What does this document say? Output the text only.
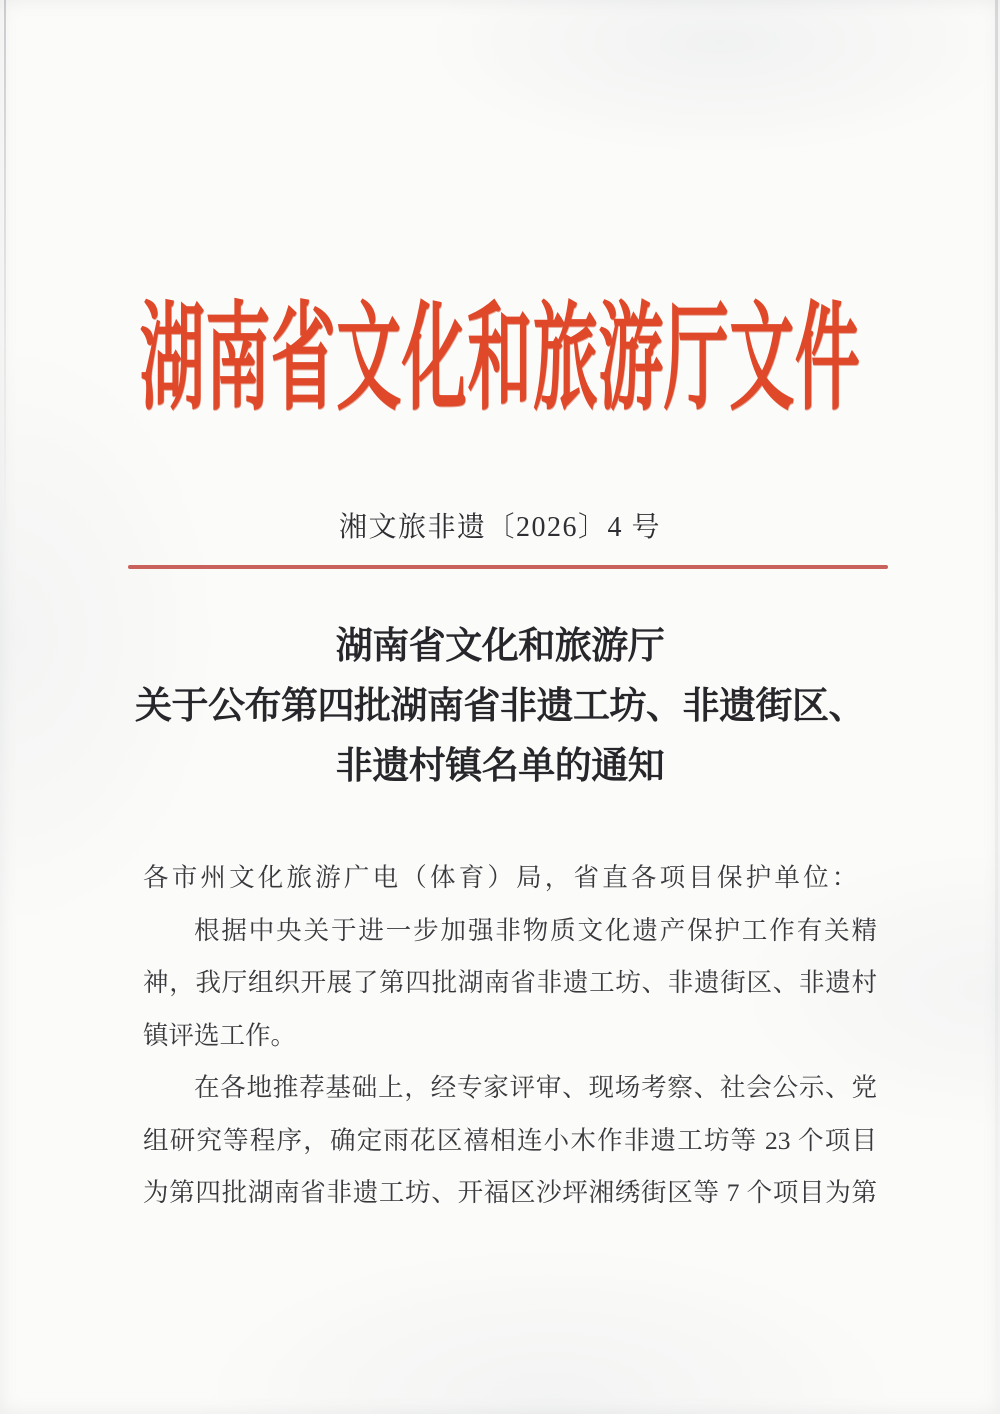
湖南省文化和旅游厅文件
湘文旅非遗〔2026〕4 号
湖南省文化和旅游厅
关于公布第四批湖南省非遗工坊、非遗街区、
非遗村镇名单的通知
各市州文化旅游广电（体育）局，省直各项目保护单位：
根据中央关于进一步加强非物质文化遗产保护工作有关精
神，我厅组织开展了第四批湖南省非遗工坊、非遗街区、非遗村
镇评选工作。
在各地推荐基础上，经专家评审、现场考察、社会公示、党
组研究等程序，确定雨花区禧相连小木作非遗工坊等 23 个项目
为第四批湖南省非遗工坊、开福区沙坪湘绣街区等 7 个项目为第
